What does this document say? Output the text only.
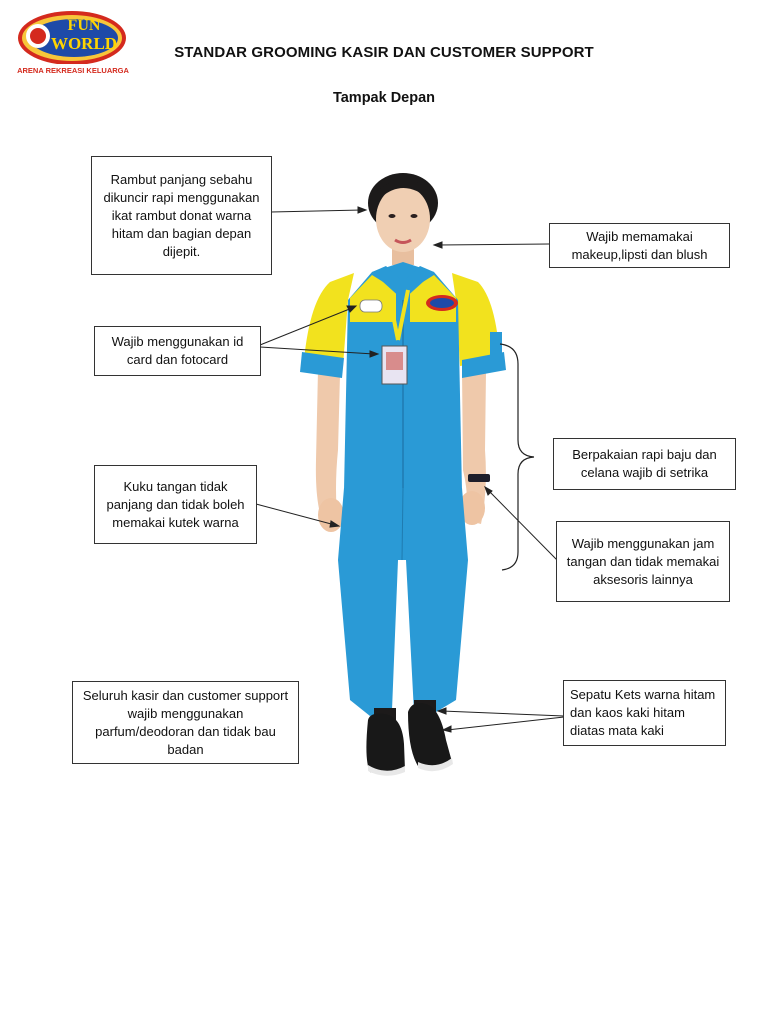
FUN
WORLD
ARENA REKREASI KELUARGA
STANDAR GROOMING KASIR DAN CUSTOMER SUPPORT
Tampak Depan
Rambut panjang sebahu dikuncir rapi menggunakan ikat rambut donat warna hitam dan bagian depan dijepit.
Wajib memamakai makeup,lipsti dan blush
Wajib menggunakan id card dan fotocard
Berpakaian rapi baju dan celana wajib di setrika
Kuku tangan tidak panjang dan tidak boleh memakai kutek warna
Wajib menggunakan jam tangan dan tidak memakai aksesoris lainnya
Seluruh kasir dan customer support wajib menggunakan parfum/deodoran dan tidak bau badan
Sepatu Kets warna hitam dan kaos kaki hitam diatas mata kaki
